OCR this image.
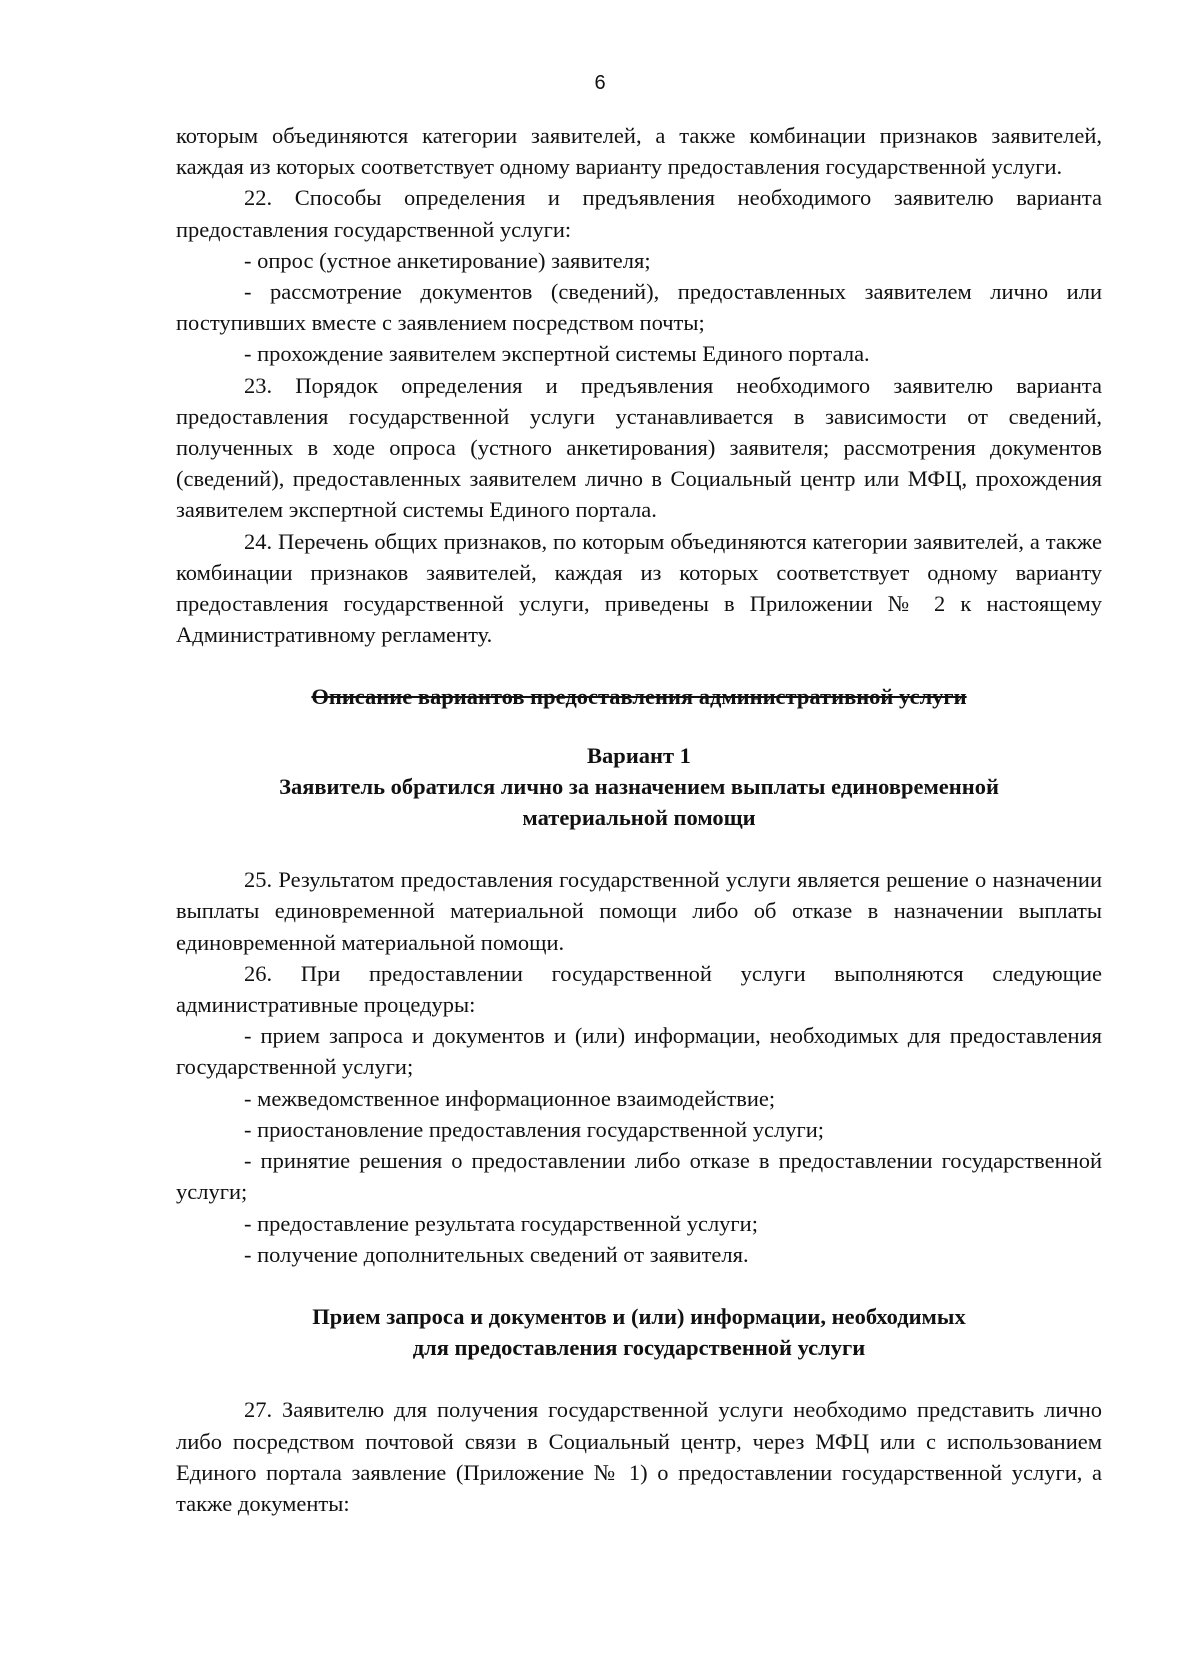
6

которым объединяются категории заявителей, а также комбинации признаков заявителей, каждая из которых соответствует одному варианту предоставления государственной услуги.

22. Способы определения и предъявления необходимого заявителю варианта предоставления государственной услуги:

- опрос (устное анкетирование) заявителя;

- рассмотрение документов (сведений), предоставленных заявителем лично или поступивших вместе с заявлением посредством почты;

- прохождение заявителем экспертной системы Единого портала.

23. Порядок определения и предъявления необходимого заявителю варианта предоставления государственной услуги устанавливается в зависимости от сведений, полученных в ходе опроса (устного анкетирования) заявителя; рассмотрения документов (сведений), предоставленных заявителем лично в Социальный центр или МФЦ, прохождения заявителем экспертной системы Единого портала.

24. Перечень общих признаков, по которым объединяются категории заявителей, а также комбинации признаков заявителей, каждая из которых соответствует одному варианту предоставления государственной услуги, приведены в Приложении № 2 к настоящему Административному регламенту.

Описание вариантов предоставления административной услуги

Вариант 1

Заявитель обратился лично за назначением выплаты единовременной

материальной помощи

25. Результатом предоставления государственной услуги является решение о назначении выплаты единовременной материальной помощи либо об отказе в назначении выплаты единовременной материальной помощи.

26. При предоставлении государственной услуги выполняются следующие административные процедуры:

- прием запроса и документов и (или) информации, необходимых для предоставления государственной услуги;

- межведомственное информационное взаимодействие;

- приостановление предоставления государственной услуги;

- принятие решения о предоставлении либо отказе в предоставлении государственной услуги;

- предоставление результата государственной услуги;

- получение дополнительных сведений от заявителя.

Прием запроса и документов и (или) информации, необходимых

для предоставления государственной услуги

27. Заявителю для получения государственной услуги необходимо представить лично либо посредством почтовой связи в Социальный центр, через МФЦ или с использованием Единого портала заявление (Приложение № 1) о предоставлении государственной услуги, а также документы:
